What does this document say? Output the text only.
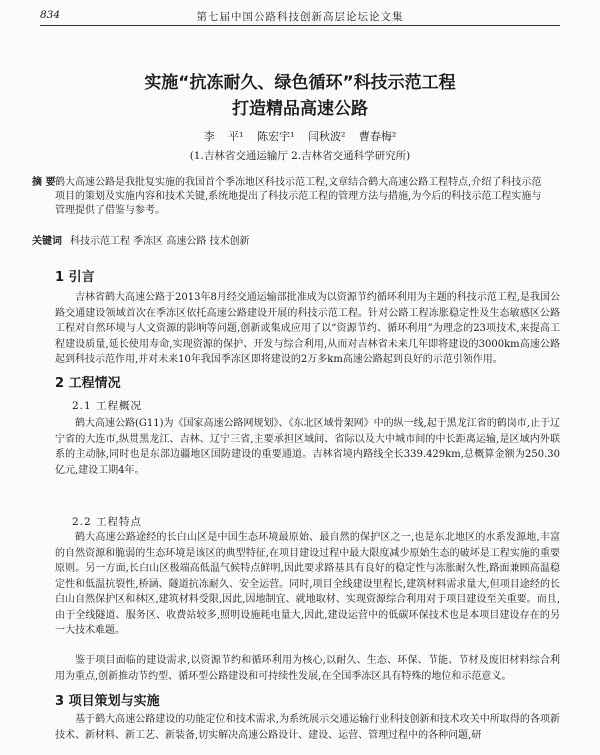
834	第七届中国公路科技创新高层论坛论文集
实施“抗冻耐久、绿色循环”科技示范工程
打造精品高速公路
李 平¹ 陈宏宇¹ 闫秋波² 曹春梅²
(1.吉林省交通运输厅 2.吉林省交通科学研究所)
摘 要 鹤大高速公路是我批复实施的我国首个季冻地区科技示范工程,文章结合鹤大高速公路工程特点,介绍了科技示范项目的策划及实施内容和技术关键,系统地提出了科技示范工程的管理方法与措施,为今后的科技示范工程实施与管理提供了借鉴与参考。
关键词 科技示范工程 季冻区 高速公路 技术创新
1 引言
吉林省鹤大高速公路于2013年8月经交通运输部批准成为以资源节约循环利用为主题的科技示范工程,是我国公路交通建设领域首次在季冻区依托高速公路建设开展的科技示范工程。针对公路工程冻胀稳定性及生态敏感区公路工程对自然环境与人文资源的影响等问题,创新或集成应用了以“资源节约、循环利用”为理念的23项技术,来提高工程建设质量,延长使用寿命,实现资源的保护、开发与综合利用,从而对吉林省未来几年即将建设的3000km高速公路起到科技示范作用,并对未来10年我国季冻区即将建设的2万多km高速公路起到良好的示范引领作用。
2 工程情况
2.1 工程概况
鹤大高速公路(G11)为《国家高速公路网规划》、《东北区域骨架网》中的纵一线,起于黑龙江省的鹤岗市,止于辽宁省的大连市,纵贯黑龙江、吉林、辽宁三省,主要承担区域间、省际以及大中城市间的中长距离运输,是区域内外联系的主动脉,同时也是东部边疆地区国防建设的重要通道。吉林省境内路线全长339.429km,总概算金额为250.30亿元,建设工期4年。
2.2 工程特点
鹤大高速公路途经的长白山区是中国生态环境最原始、最自然的保护区之一,也是东北地区的水系发源地,丰富的自然资源和脆弱的生态环境是该区的典型特征,在项目建设过程中最大限度减少原始生态的破坏是工程实施的重要原则。另一方面,长白山区极端高低温气候特点鲜明,因此要求路基具有良好的稳定性与冻胀耐久性,路面兼顾高温稳定性和低温抗裂性,桥涵、隧道抗冻耐久、安全运营。同时,项目全线建设里程长,建筑材料需求量大,但项目途经的长白山自然保护区和林区,建筑材料受限,因此,因地制宜、就地取材、实现资源综合利用对于项目建设至关重要。而且,由于全线隧道、服务区、收费站较多,照明设施耗电量大,因此,建设运营中的低碳环保技术也是本项目建设存在的另一大技术难题。
鉴于项目面临的建设需求,以资源节约和循环利用为核心,以耐久、生态、环保、节能、节材及废旧材料综合利用为重点,创新推动节约型、循环型公路建设和可持续性发展,在全国季冻区具有特殊的地位和示范意义。
3 项目策划与实施
基于鹤大高速公路建设的功能定位和技术需求,为系统展示交通运输行业科技创新和技术攻关中所取得的各项新技术、新材料、新工艺、新装备,切实解决高速公路设计、建设、运营、管理过程中的各种问题,研
